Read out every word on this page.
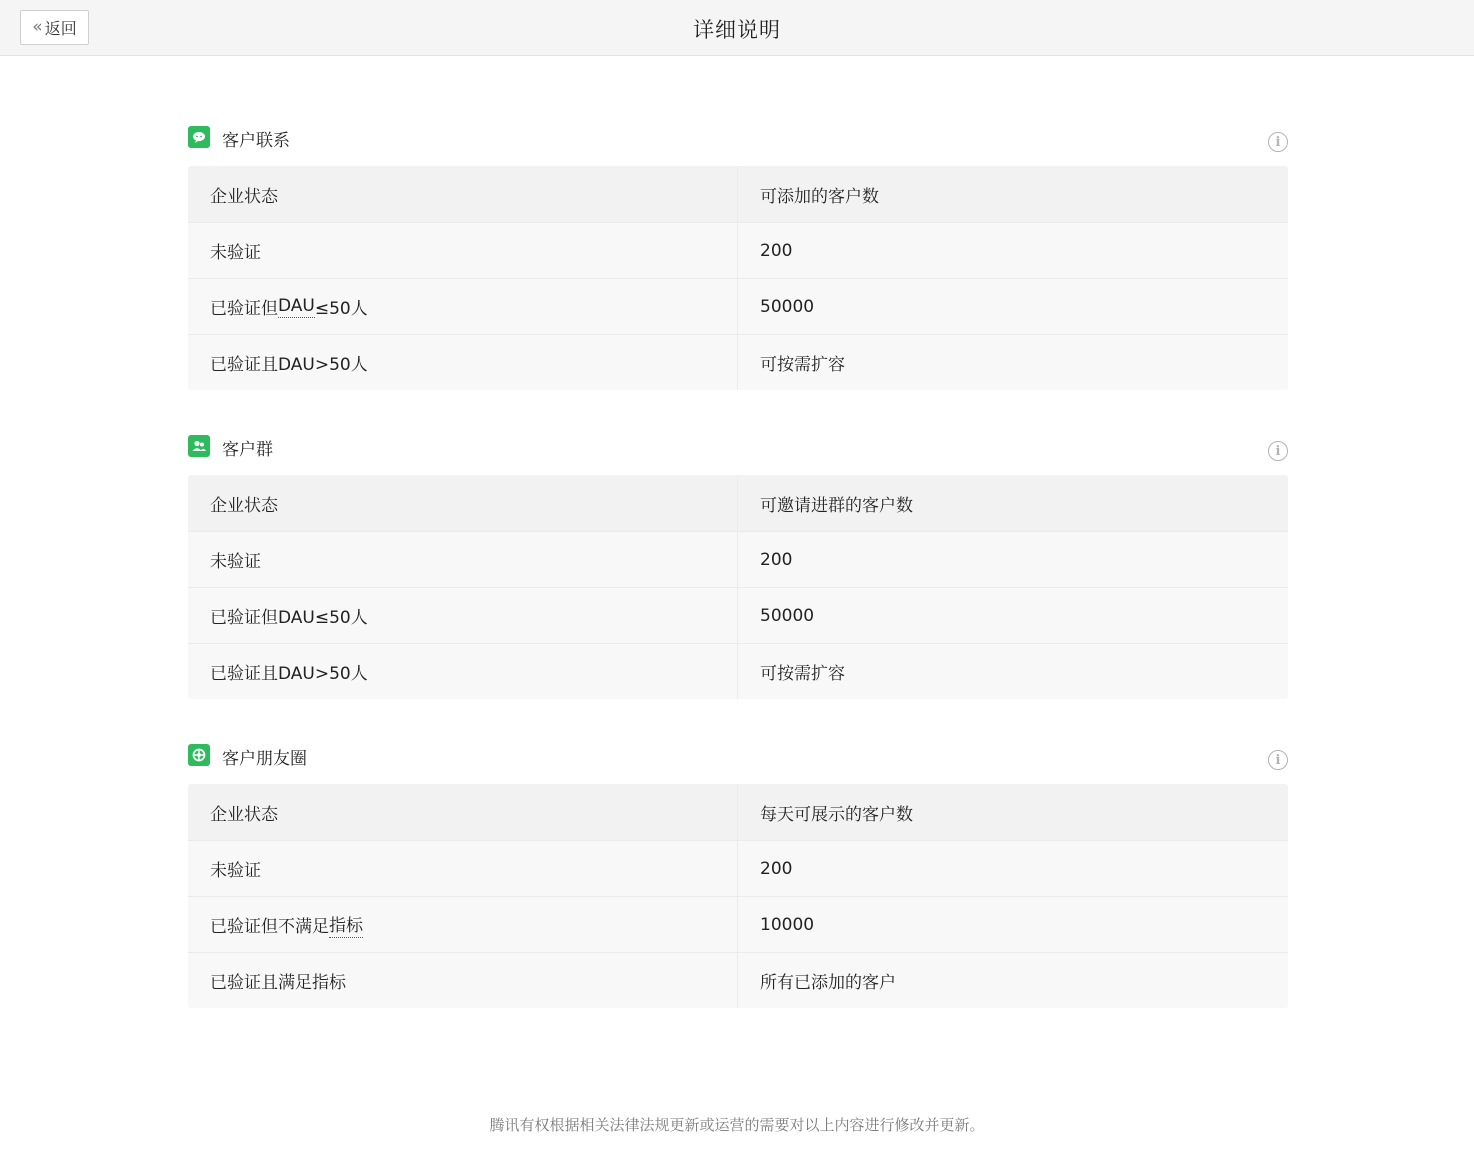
« 返回	详细说明
客户联系	i
企业状态	可添加的客户数
未验证	200
已验证但 DAU ≤50人	50000
已验证且DAU>50人	可按需扩容
客户群	i
企业状态	可邀请进群的客户数
未验证	200
已验证但DAU≤50人	50000
已验证且DAU>50人	可按需扩容
客户朋友圈	i
企业状态	每天可展示的客户数
未验证	200
已验证但不满足 指标	10000
已验证且满足指标	所有已添加的客户
腾讯有权根据相关法律法规更新或运营的需要对以上内容进行修改并更新。
